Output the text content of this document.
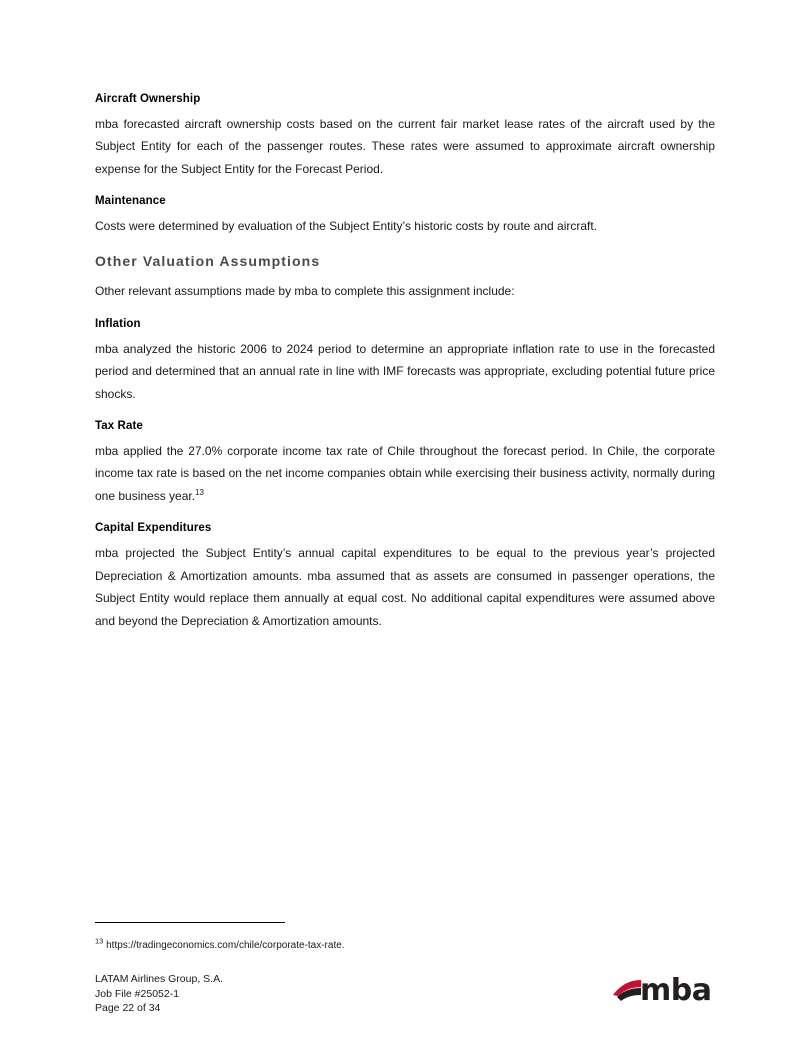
Aircraft Ownership

mba forecasted aircraft ownership costs based on the current fair market lease rates of the aircraft used by the Subject Entity for each of the passenger routes. These rates were assumed to approximate aircraft ownership expense for the Subject Entity for the Forecast Period.

Maintenance

Costs were determined by evaluation of the Subject Entity’s historic costs by route and aircraft.

Other Valuation Assumptions

Other relevant assumptions made by mba to complete this assignment include:

Inflation

mba analyzed the historic 2006 to 2024 period to determine an appropriate inflation rate to use in the forecasted period and determined that an annual rate in line with IMF forecasts was appropriate, excluding potential future price shocks.

Tax Rate

mba applied the 27.0% corporate income tax rate of Chile throughout the forecast period. In Chile, the corporate income tax rate is based on the net income companies obtain while exercising their business activity, normally during one business year.$^{13}$

Capital Expenditures

mba projected the Subject Entity’s annual capital expenditures to be equal to the previous year’s projected Depreciation & Amortization amounts. mba assumed that as assets are consumed in passenger operations, the Subject Entity would replace them annually at equal cost. No additional capital expenditures were assumed above and beyond the Depreciation & Amortization amounts.

$^{13}$ https://tradingeconomics.com/chile/corporate-tax-rate.
LATAM Airlines Group, S.A.
Job File #25052-1
Page 22 of 34	mba
